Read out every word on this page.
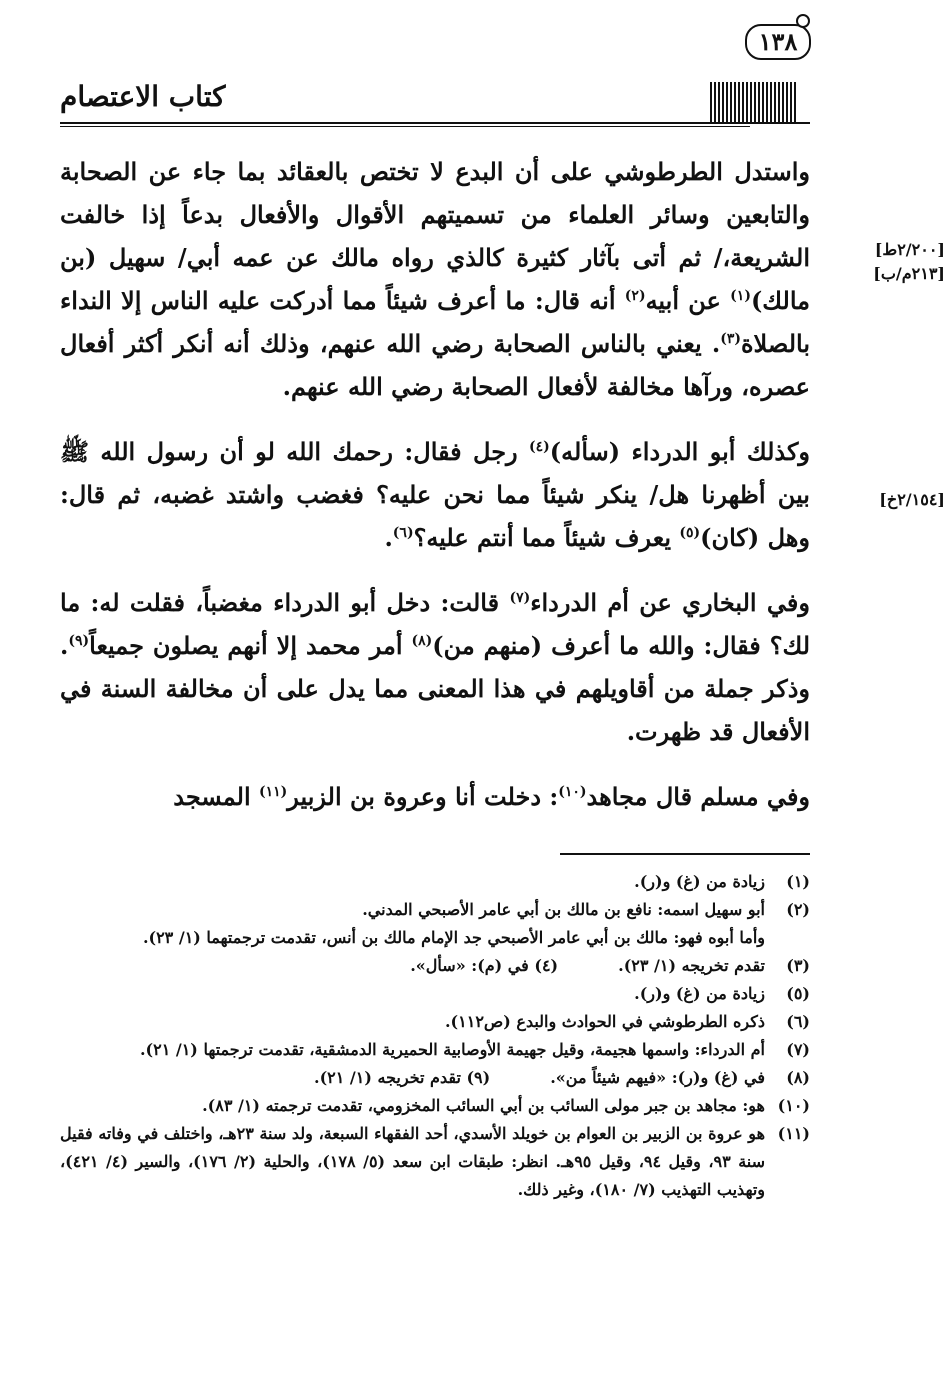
كتاب الاعتصام
١٣٨
[٢/٢٠٠ط]
[٢١٣م/ب]
[٢/١٥٤خ]

واستدل الطرطوشي على أن البدع لا تختص بالعقائد بما جاء عن الصحابة والتابعين وسائر العلماء من تسميتهم الأقوال والأفعال بدعاً إذا خالفت الشريعة،/ ثم أتى بآثار كثيرة كالذي رواه مالك عن عمه أبي/ سهيل (بن مالك)$^{(١)}$ عن أبيه$^{(٢)}$ أنه قال: ما أعرف شيئاً مما أدركت عليه الناس إلا النداء بالصلاة$^{(٣)}$. يعني بالناس الصحابة رضي الله عنهم، وذلك أنه أنكر أكثر أفعال عصره، ورآها مخالفة لأفعال الصحابة رضي الله عنهم.

وكذلك أبو الدرداء (سأله)$^{(٤)}$ رجل فقال: رحمك الله لو أن رسول الله ﷺ بين أظهرنا هل/ ينكر شيئاً مما نحن عليه؟ فغضب واشتد غضبه، ثم قال: وهل (كان)$^{(٥)}$ يعرف شيئاً مما أنتم عليه؟$^{(٦)}$.

وفي البخاري عن أم الدرداء$^{(٧)}$ قالت: دخل أبو الدرداء مغضباً، فقلت له: ما لك؟ فقال: والله ما أعرف (منهم من)$^{(٨)}$ أمر محمد إلا أنهم يصلون جميعاً$^{(٩)}$. وذكر جملة من أقاويلهم في هذا المعنى مما يدل على أن مخالفة السنة في الأفعال قد ظهرت.

وفي مسلم قال مجاهد$^{(١٠)}$: دخلت أنا وعروة بن الزبير$^{(١١)}$ المسجد

(١)
زيادة من (غ) و(ر).
(٢)
أبو سهيل اسمه: نافع بن مالك بن أبي عامر الأصبحي المدني.
وأما أبوه فهو: مالك بن أبي عامر الأصبحي جد الإمام مالك بن أنس، تقدمت ترجمتهما (١/ ٢٣).
(٣)
تقدم تخريجه (١/ ٢٣).
(٤) في (م): «سأل».
(٥)
زيادة من (غ) و(ر).
(٦)
ذكره الطرطوشي في الحوادث والبدع (ص١١٢).
(٧)
أم الدرداء: واسمها هجيمة، وقيل جهيمة الأوصابية الحميرية الدمشقية، تقدمت ترجمتها (١/ ٢١).
(٨)
في (غ) و(ر): «فيهم شيئاً من».
(٩) تقدم تخريجه (١/ ٢١).
(١٠)
هو: مجاهد بن جبر مولى السائب بن أبي السائب المخزومي، تقدمت ترجمته (١/ ٨٣).
(١١)
هو عروة بن الزبير بن العوام بن خويلد الأسدي، أحد الفقهاء السبعة، ولد سنة ٢٣هـ، واختلف في وفاته فقيل سنة ٩٣، وقيل ٩٤، وقيل ٩٥هـ. انظر: طبقات ابن سعد (٥/ ١٧٨)، والحلية (٢/ ١٧٦)، والسير (٤/ ٤٢١)، وتهذيب التهذيب (٧/ ١٨٠)، وغير ذلك.
